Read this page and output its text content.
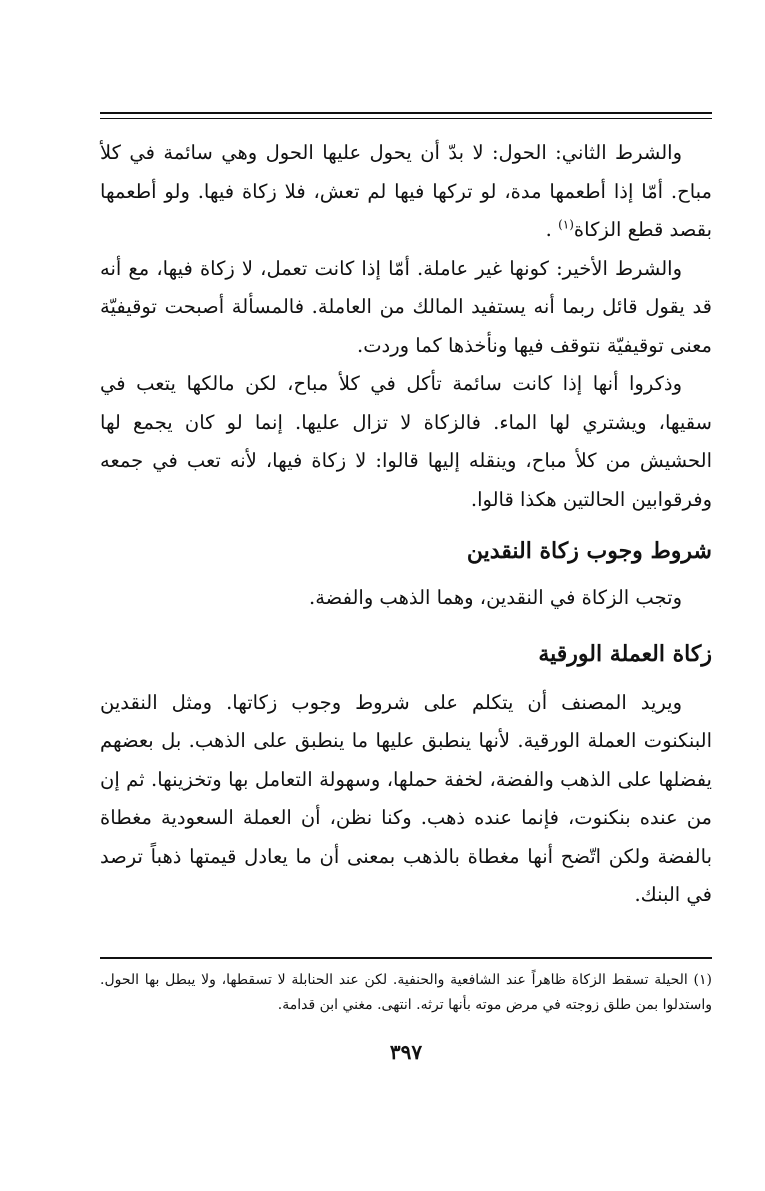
والشرط الثاني: الحول: لا بدّ أن يحول عليها الحول وهي سائمة في كلأ مباح. أمّا إذا أطعمها مدة، لو تركها فيها لم تعش، فلا زكاة فيها. ولو أطعمها بقصد قطع الزكاة$^{(١)}$ .

والشرط الأخير: كونها غير عاملة. أمّا إذا كانت تعمل، لا زكاة فيها، مع أنه قد يقول قائل ربما أنه يستفيد المالك من العاملة. فالمسألة أصبحت توقيفيّة معنى توقيفيّة نتوقف فيها ونأخذها كما وردت.

وذكروا أنها إذا كانت سائمة تأكل في كلأ مباح، لكن مالكها يتعب في سقيها، ويشتري لها الماء. فالزكاة لا تزال عليها. إنما لو كان يجمع لها الحشيش من كلأ مباح، وينقله إليها قالوا: لا زكاة فيها، لأنه تعب في جمعه وفرقوابين الحالتين هكذا قالوا.

شروط وجوب زكاة النقدين

وتجب الزكاة في النقدين، وهما الذهب والفضة.

زكاة العملة الورقية

ويريد المصنف أن يتكلم على شروط وجوب زكاتها. ومثل النقدين البنكنوت العملة الورقية. لأنها ينطبق عليها ما ينطبق على الذهب. بل بعضهم يفضلها على الذهب والفضة، لخفة حملها، وسهولة التعامل بها وتخزينها. ثم إن من عنده بنكنوت، فإنما عنده ذهب. وكنا نظن، أن العملة السعودية مغطاة بالفضة ولكن اتّضح أنها مغطاة بالذهب بمعنى أن ما يعادل قيمتها ذهباً ترصد في البنك.

(١) الحيلة تسقط الزكاة ظاهراً عند الشافعية والحنفية. لكن عند الحنابلة لا تسقطها، ولا يبطل بها الحول. واستدلوا بمن طلق زوجته في مرض موته بأنها ترثه. انتهى. مغني ابن قدامة.

٣٩٧
